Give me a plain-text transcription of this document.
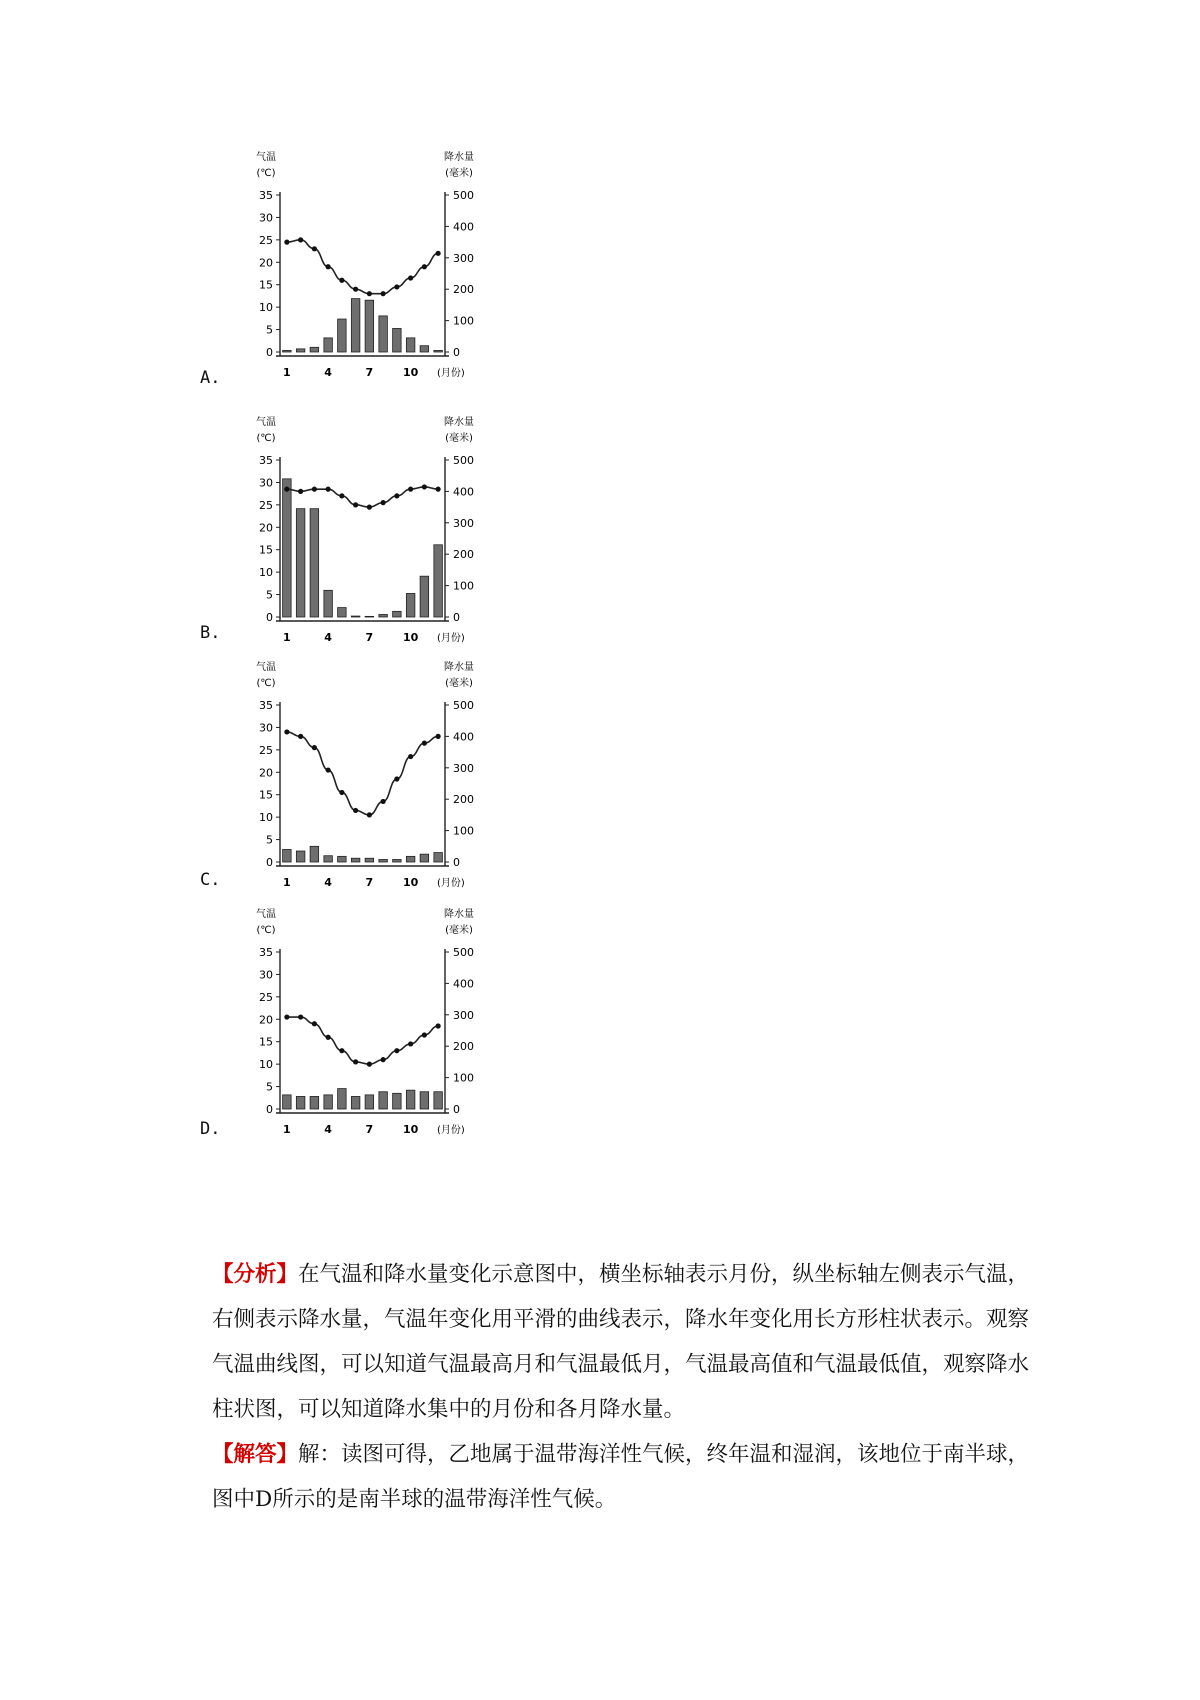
A.
气温
(℃)
降水量
(毫米)
0
5
10
15
20
25
30
35
0
100
200
300
400
500
1	4	7	10 (月份)
B.
气温
(℃)
降水量
(毫米)
0
5
10
15
20
25
30
35
0
100
200
300
400
500
1	4	7	10 (月份)
C.
气温
(℃)
降水量
(毫米)
0
5
10
15
20
25
30
35
0
100
200
300
400
500
1	4	7	10 (月份)
D.
气温
(℃)
降水量
(毫米)
0
5
10
15
20
25
30
35
0
100
200
300
400
500
1	4	7	10 (月份)

【分析】在气温和降水量变化示意图中，横坐标轴表示月份，纵坐标轴左侧表示气温，右侧表示降水量，气温年变化用平滑的曲线表示，降水年变化用长方形柱状表示。观察气温曲线图，可以知道气温最高月和气温最低月，气温最高值和气温最低值，观察降水柱状图，可以知道降水集中的月份和各月降水量。

【解答】解：读图可得，乙地属于温带海洋性气候，终年温和湿润，该地位于南半球，图中D所示的是南半球的温带海洋性气候。
